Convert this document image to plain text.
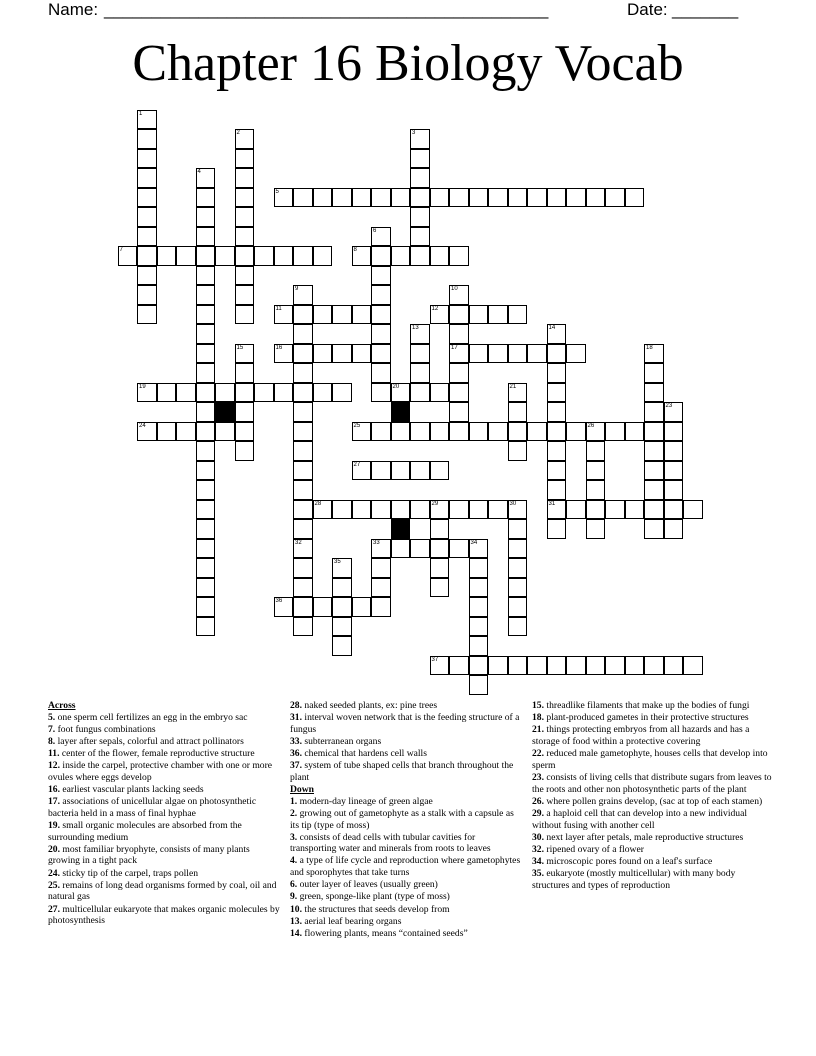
Name: _______________________________________________	Date: _______
Chapter 16 Biology Vocab
5
7	8
11	12
16	17
19	20
24	25	26
27
28	29	30	31
33
36
37
1
2	3
4
6
9
32
10
13	14
15	18
21
23
34
35
Across
5. one sperm cell fertilizes an egg in the embryo sac
7. foot fungus combinations
8. layer after sepals, colorful and attract pollinators
11. center of the flower, female reproductive structure
12. inside the carpel, protective chamber with one or more ovules where eggs develop
16. earliest vascular plants lacking seeds
17. associations of unicellular algae on photosynthetic bacteria held in a mass of final hyphae
19. small organic molecules are absorbed from the surrounding medium
20. most familiar bryophyte, consists of many plants growing in a tight pack
24. sticky tip of the carpel, traps pollen
25. remains of long dead organisms formed by coal, oil and natural gas
27. multicellular eukaryote that makes organic molecules by photosynthesis
28. naked seeded plants, ex: pine trees
31. interval woven network that is the feeding structure of a fungus
33. subterranean organs
36. chemical that hardens cell walls
37. system of tube shaped cells that branch throughout the plant
Down
1. modern-day lineage of green algae
2. growing out of gametophyte as a stalk with a capsule as its tip (type of moss)
3. consists of dead cells with tubular cavities for transporting water and minerals from roots to leaves
4. a type of life cycle and reproduction where gametophytes and sporophytes that take turns
6. outer layer of leaves (usually green)
9. green, sponge-like plant (type of moss)
10. the structures that seeds develop from
13. aerial leaf bearing organs
14. flowering plants, means “contained seeds”
15. threadlike filaments that make up the bodies of fungi
18. plant-produced gametes in their protective structures
21. things protecting embryos from all hazards and has a storage of food within a protective covering
22. reduced male gametophyte, houses cells that develop into sperm
23. consists of living cells that distribute sugars from leaves to the roots and other non photosynthetic parts of the plant
26. where pollen grains develop, (sac at top of each stamen)
29. a haploid cell that can develop into a new individual without fusing with another cell
30. next layer after petals, male reproductive structures
32. ripened ovary of a flower
34. microscopic pores found on a leaf's surface
35. eukaryote (mostly multicellular) with many body structures and types of reproduction
